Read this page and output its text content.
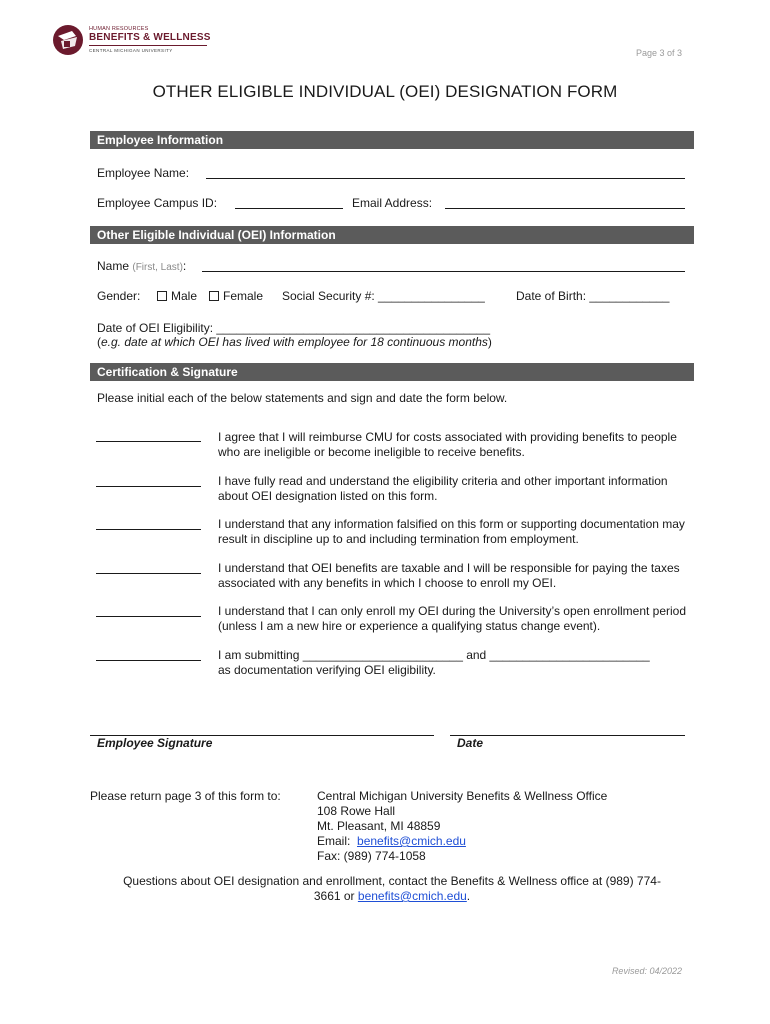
HUMAN RESOURCES
BENEFITS & WELLNESS
CENTRAL MICHIGAN UNIVERSITY	Page 3 of 3
OTHER ELIGIBLE INDIVIDUAL (OEI) DESIGNATION FORM
Employee Information
Employee Name:
Employee Campus ID:	Email Address:
Other Eligible Individual (OEI) Information
Name (First, Last):
Gender:	Male	Female Social Security #: ________________	Date of Birth: ____________
Date of OEI Eligibility: _________________________________________
(e.g. date at which OEI has lived with employee for 18 continuous months)
Certification & Signature
Please initial each of the below statements and sign and date the form below.
I agree that I will reimburse CMU for costs associated with providing benefits to people who are ineligible or become ineligible to receive benefits.
I have fully read and understand the eligibility criteria and other important information about OEI designation listed on this form.
I understand that any information falsified on this form or supporting documentation may result in discipline up to and including termination from employment.
I understand that OEI benefits are taxable and I will be responsible for paying the taxes associated with any benefits in which I choose to enroll my OEI.
I understand that I can only enroll my OEI during the University’s open enrollment period (unless I am a new hire or experience a qualifying status change event).
I am submitting ________________________ and ________________________
as documentation verifying OEI eligibility.
Employee Signature	Date
Please return page 3 of this form to:	Central Michigan University Benefits & Wellness Office
108 Rowe Hall
Mt. Pleasant, MI 48859
Email:  benefits@cmich.edu
Fax: (989) 774-1058
Questions about OEI designation and enrollment, contact the Benefits & Wellness office at (989) 774-
3661 or benefits@cmich.edu.
Revised: 04/2022
